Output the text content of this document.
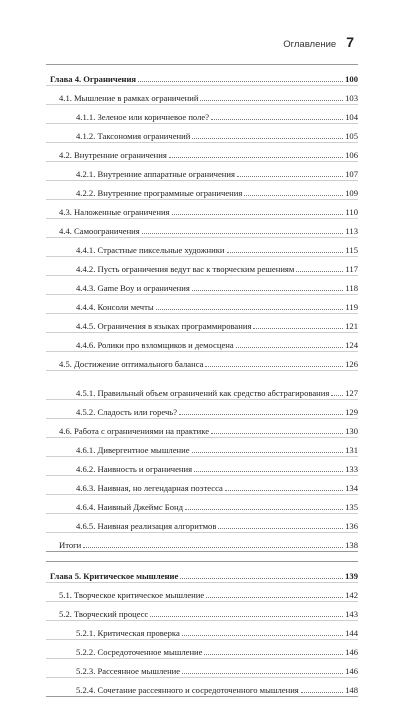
Оглавление 7
Глава 4. Ограничения	100
4.1. Мышление в рамках ограничений	103
4.1.1. Зеленое или коричневое поле?	104
4.1.2. Таксономия ограничений	105
4.2. Внутренние ограничения	106
4.2.1. Внутренние аппаратные ограничения	107
4.2.2. Внутренние программные ограничения	109
4.3. Наложенные ограничения	110
4.4. Самоограничения	113
4.4.1. Страстные пиксельные художники	115
4.4.2. Пусть ограничения ведут вас к творческим решениям	117
4.4.3. Game Boy и ограничения	118
4.4.4. Консоли мечты	119
4.4.5. Ограничения в языках программирования	121
4.4.6. Ролики про взломщиков и демосцена	124
4.5. Достижение оптимального баланса	126
4.5.1. Правильный объем ограничений как средство абстрагирования 127
4.5.2. Сладость или горечь?	129
4.6. Работа с ограничениями на практике	130
4.6.1. Дивергентное мышление	131
4.6.2. Наивность и ограничения	133
4.6.3. Наивная, но легендарная поэтесса	134
4.6.4. Наивный Джеймс Бонд	135
4.6.5. Наивная реализация алгоритмов	136
Итоги	138
Глава 5. Критическое мышление	139
5.1. Творческое критическое мышление	142
5.2. Творческий процесс	143
5.2.1. Критическая проверка	144
5.2.2. Сосредоточенное мышление	146
5.2.3. Рассеянное мышление	146
5.2.4. Сочетание рассеянного и сосредоточенного мышления	148
